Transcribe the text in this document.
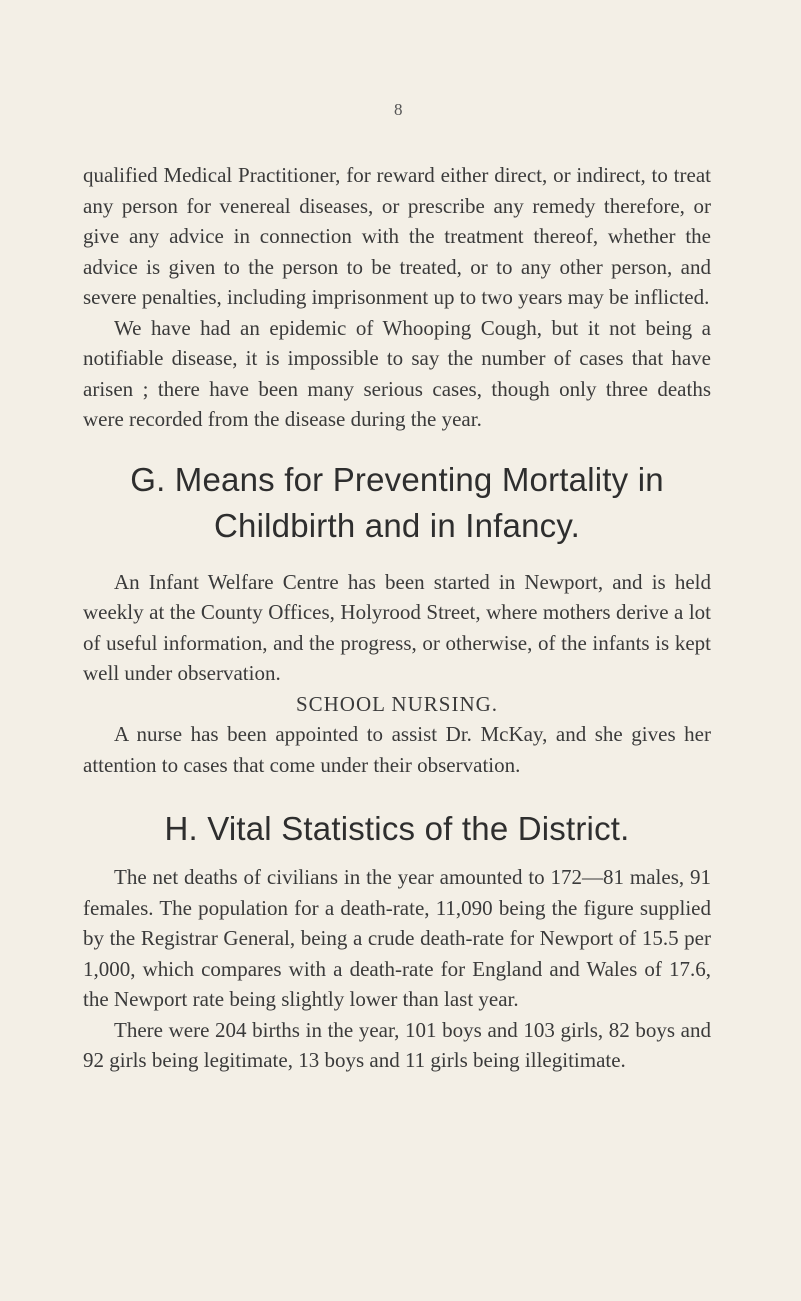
8

qualified Medical Practitioner, for reward either direct, or indirect, to treat any person for venereal diseases, or prescribe any remedy therefore, or give any advice in connection with the treatment thereof, whether the advice is given to the person to be treated, or to any other person, and severe penalties, including imprisonment up to two years may be inflicted.

We have had an epidemic of Whooping Cough, but it not being a notifiable disease, it is impossible to say the number of cases that have arisen ; there have been many serious cases, though only three deaths were recorded from the disease during the year.

G. Means for Preventing Mortality in Childbirth and in Infancy.

An Infant Welfare Centre has been started in Newport, and is held weekly at the County Offices, Holyrood Street, where mothers derive a lot of useful information, and the progress, or otherwise, of the infants is kept well under observation.

SCHOOL NURSING.

A nurse has been appointed to assist Dr. McKay, and she gives her attention to cases that come under their observation.

H. Vital Statistics of the District.

The net deaths of civilians in the year amounted to 172—81 males, 91 females. The population for a death-rate, 11,090 being the figure supplied by the Registrar General, being a crude death-rate for Newport of 15.5 per 1,000, which compares with a death-rate for England and Wales of 17.6, the Newport rate being slightly lower than last year.

There were 204 births in the year, 101 boys and 103 girls, 82 boys and 92 girls being legitimate, 13 boys and 11 girls being illegitimate.
